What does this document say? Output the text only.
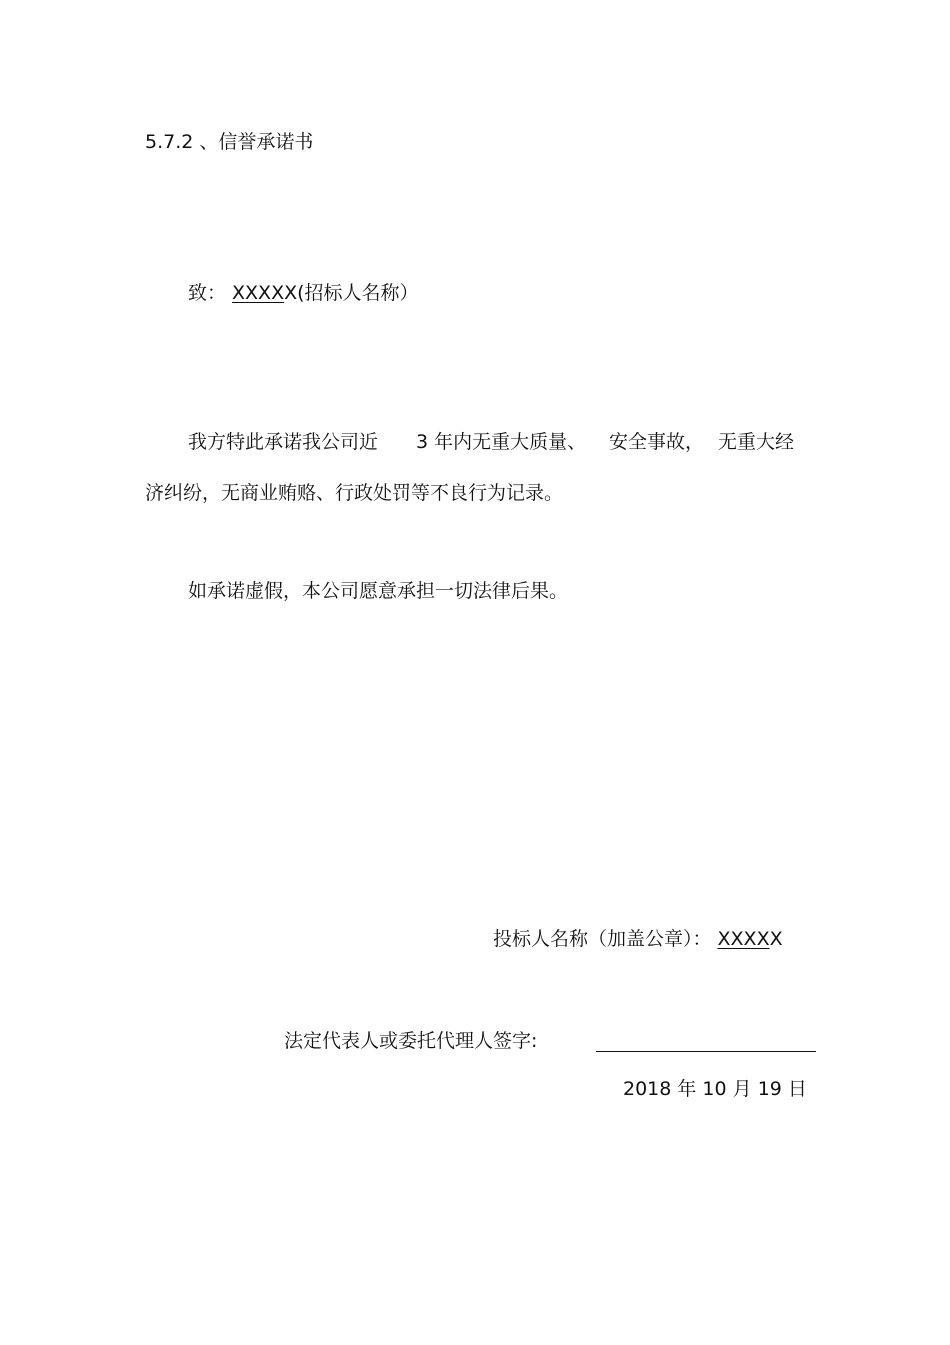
5.7.2 、信誉承诺书
致： XXXXX(招标人名称）
我方特此承诺我公司近 3 年内无重大质量、 安全事故， 无重大经
济纠纷，无商业贿赂、行政处罚等不良行为记录。
如承诺虚假，本公司愿意承担一切法律后果。
投标人名称（加盖公章）： XXXXX
法定代表人或委托代理人签字:
2018 年 10 月 19 日
